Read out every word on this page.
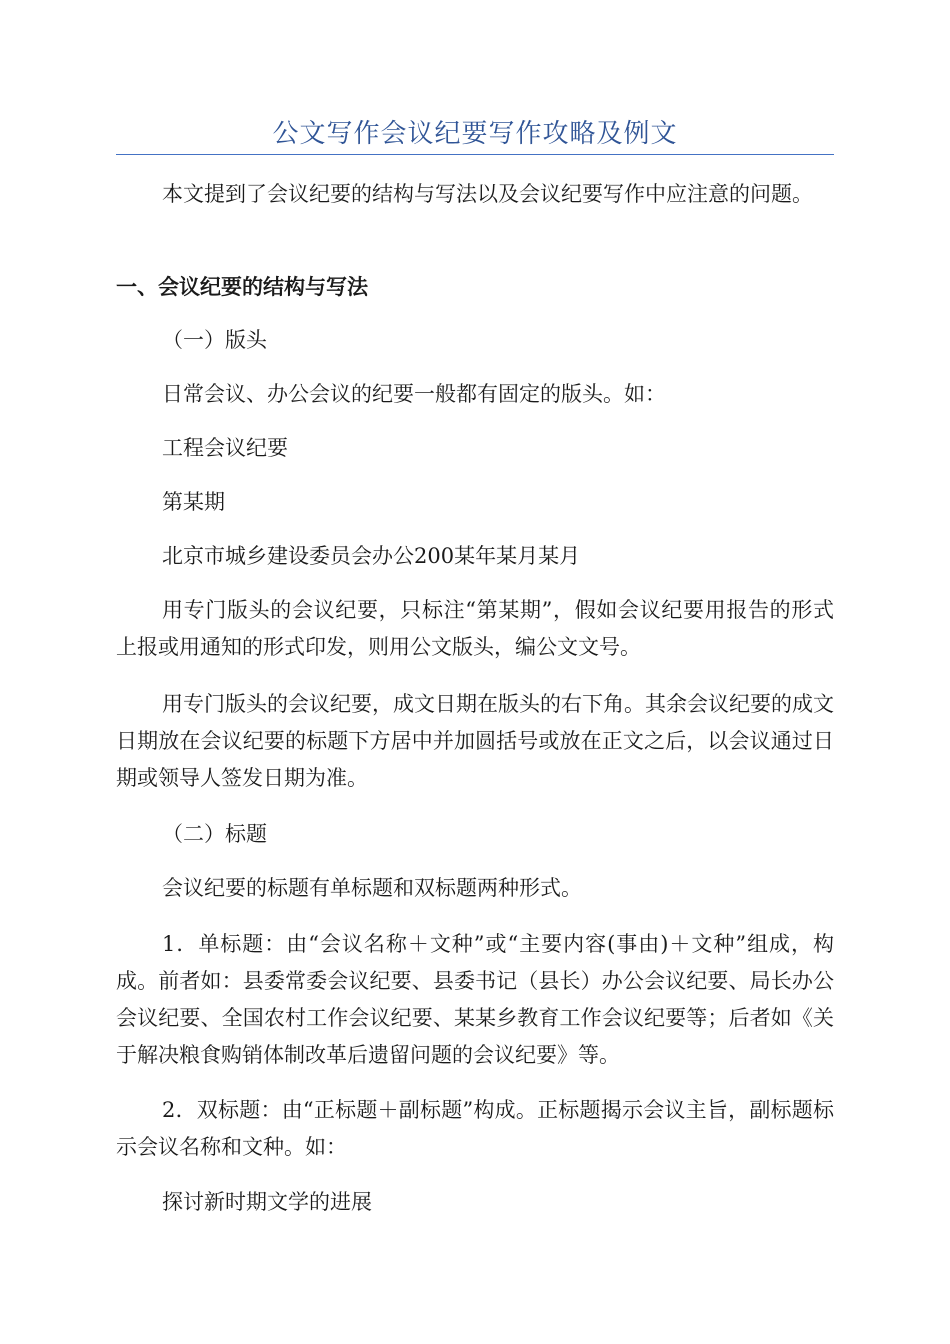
公文写作会议纪要写作攻略及例文

本文提到了会议纪要的结构与写法以及会议纪要写作中应注意的问题。

一、会议纪要的结构与写法

（一）版头

日常会议、办公会议的纪要一般都有固定的版头。如：

工程会议纪要

第某期

北京市城乡建设委员会办公200某年某月某月

用专门版头的会议纪要，只标注“第某期”，假如会议纪要用报告的形式上报或用通知的形式印发，则用公文版头，编公文文号。

用专门版头的会议纪要，成文日期在版头的右下角。其余会议纪要的成文日期放在会议纪要的标题下方居中并加圆括号或放在正文之后，以会议通过日期或领导人签发日期为准。

（二）标题

会议纪要的标题有单标题和双标题两种形式。

1．单标题：由“会议名称＋文种”或“主要内容(事由)＋文种”组成，构成。前者如：县委常委会议纪要、县委书记（县长）办公会议纪要、局长办公会议纪要、全国农村工作会议纪要、某某乡教育工作会议纪要等；后者如《关于解决粮食购销体制改革后遗留问题的会议纪要》等。

2．双标题：由“正标题＋副标题”构成。正标题揭示会议主旨，副标题标示会议名称和文种。如：

探讨新时期文学的进展
